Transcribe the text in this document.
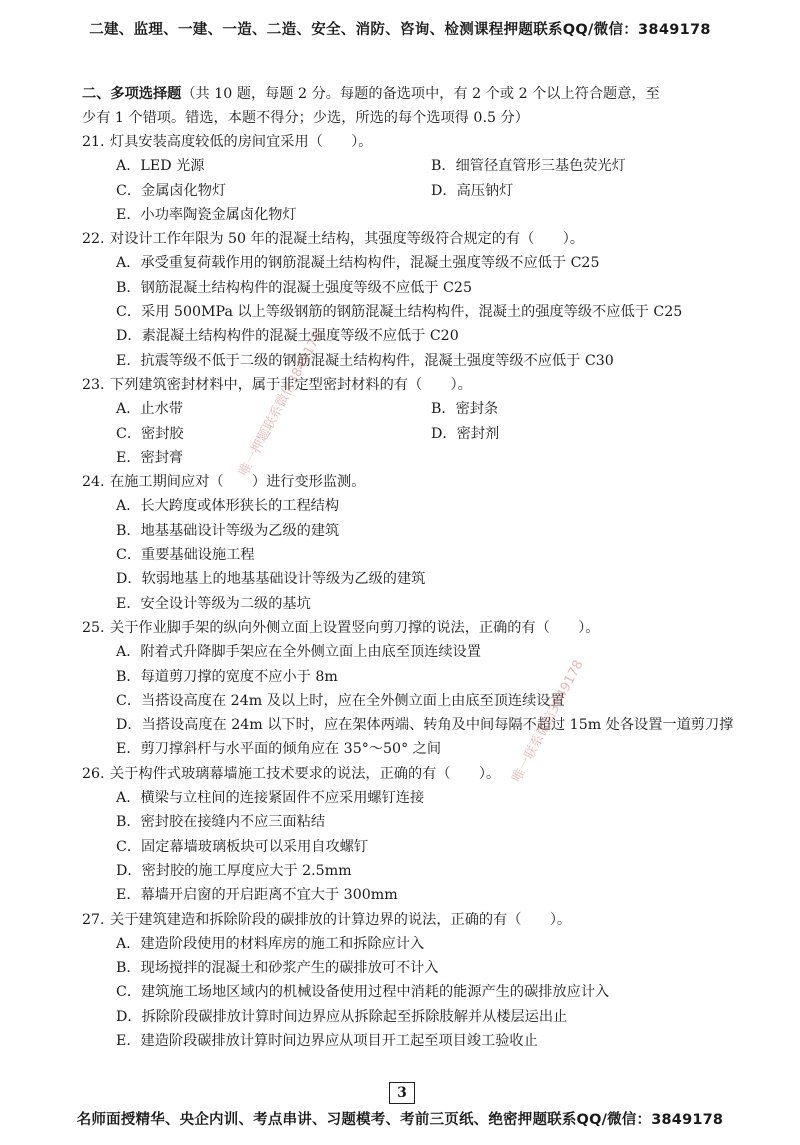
二建、监理、一建、一造、二造、安全、消防、咨询、检测课程押题联系QQ/微信：3849178
二、多项选择题（共 10 题，每题 2 分。每题的备选项中，有 2 个或 2 个以上符合题意，至
少有 1 个错项。错选，本题不得分；少选，所选的每个选项得 0.5 分）
21. 灯具安装高度较低的房间宜采用（　　）。
A．LED 光源	B．细管径直管形三基色荧光灯
C．金属卤化物灯	D．高压钠灯
E．小功率陶瓷金属卤化物灯
22. 对设计工作年限为 50 年的混凝土结构，其强度等级符合规定的有（　　）。
A．承受重复荷载作用的钢筋混凝土结构构件，混凝土强度等级不应低于 C25
B．钢筋混凝土结构构件的混凝土强度等级不应低于 C25
C．采用 500MPa 以上等级钢筋的钢筋混凝土结构构件，混凝土的强度等级不应低于 C25
D．素混凝土结构构件的混凝土强度等级不应低于 C20
E．抗震等级不低于二级的钢筋混凝土结构构件，混凝土强度等级不应低于 C30
23. 下列建筑密封材料中，属于非定型密封材料的有（　　）。
A．止水带	B．密封条
C．密封胶	D．密封剂
E．密封膏
24. 在施工期间应对（　　）进行变形监测。
A．长大跨度或体形狭长的工程结构
B．地基基础设计等级为乙级的建筑
C．重要基础设施工程
D．软弱地基上的地基基础设计等级为乙级的建筑
E．安全设计等级为二级的基坑
25. 关于作业脚手架的纵向外侧立面上设置竖向剪刀撑的说法，正确的有（　　）。
A．附着式升降脚手架应在全外侧立面上由底至顶连续设置
B．每道剪刀撑的宽度不应小于 8m
C．当搭设高度在 24m 及以上时，应在全外侧立面上由底至顶连续设置
D．当搭设高度在 24m 以下时，应在架体两端、转角及中间每隔不超过 15m 处各设置一道剪刀撑
E．剪刀撑斜杆与水平面的倾角应在 35°～50° 之间
26. 关于构件式玻璃幕墙施工技术要求的说法，正确的有（　　）。
A．横梁与立柱间的连接紧固件不应采用螺钉连接
B．密封胶在接缝内不应三面粘结
C．固定幕墙玻璃板块可以采用自攻螺钉
D．密封胶的施工厚度应大于 2.5mm
E．幕墙开启窗的开启距离不宜大于 300mm
27. 关于建筑建造和拆除阶段的碳排放的计算边界的说法，正确的有（　　）。
A．建造阶段使用的材料库房的施工和拆除应计入
B．现场搅拌的混凝土和砂浆产生的碳排放可不计入
C．建筑施工场地区域内的机械设备使用过程中消耗的能源产生的碳排放应计入
D．拆除阶段碳排放计算时间边界应从拆除起至拆除肢解并从楼层运出止
E．建造阶段碳排放计算时间边界应从项目开工起至项目竣工验收止
唯一押题联系微信3849178
唯一联系微信3849178
3
名师面授精华、央企内训、考点串讲、习题模考、考前三页纸、绝密押题联系QQ/微信：3849178
